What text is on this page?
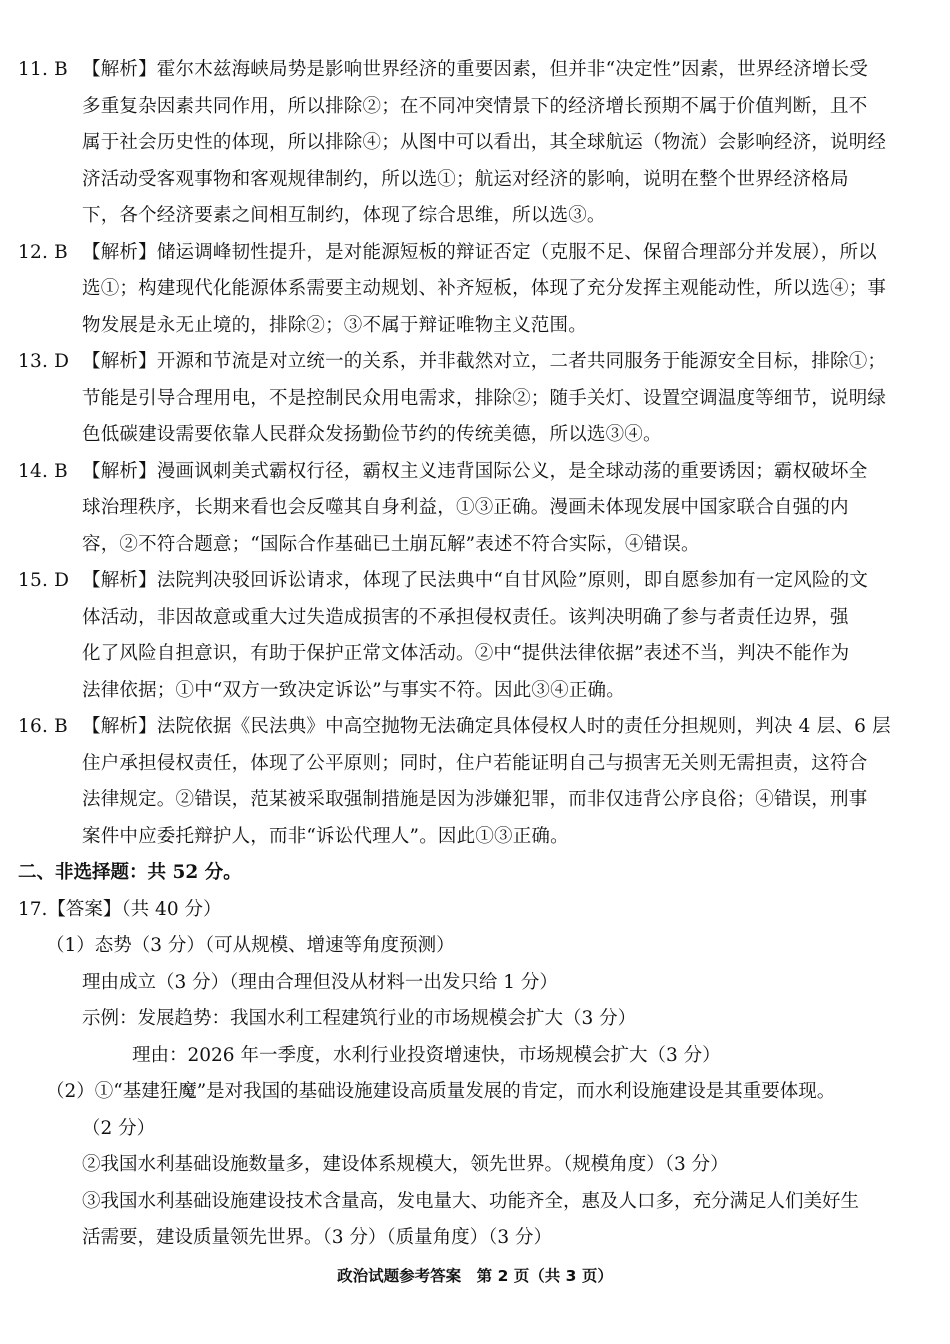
11. B 【解析】霍尔木兹海峡局势是影响世界经济的重要因素，但并非“决定性”因素，世界经济增长受
多重复杂因素共同作用，所以排除②；在不同冲突情景下的经济增长预期不属于价值判断，且不
属于社会历史性的体现，所以排除④；从图中可以看出，其全球航运（物流）会影响经济，说明经
济活动受客观事物和客观规律制约，所以选①；航运对经济的影响，说明在整个世界经济格局
下，各个经济要素之间相互制约，体现了综合思维，所以选③。
12. B 【解析】储运调峰韧性提升，是对能源短板的辩证否定（克服不足、保留合理部分并发展），所以
选①；构建现代化能源体系需要主动规划、补齐短板，体现了充分发挥主观能动性，所以选④；事
物发展是永无止境的，排除②；③不属于辩证唯物主义范围。
13. D 【解析】开源和节流是对立统一的关系，并非截然对立，二者共同服务于能源安全目标，排除①；
节能是引导合理用电，不是控制民众用电需求，排除②；随手关灯、设置空调温度等细节，说明绿
色低碳建设需要依靠人民群众发扬勤俭节约的传统美德，所以选③④。
14. B 【解析】漫画讽刺美式霸权行径，霸权主义违背国际公义，是全球动荡的重要诱因；霸权破坏全
球治理秩序，长期来看也会反噬其自身利益，①③正确。漫画未体现发展中国家联合自强的内
容，②不符合题意；“国际合作基础已土崩瓦解”表述不符合实际，④错误。
15. D 【解析】法院判决驳回诉讼请求，体现了民法典中“自甘风险”原则，即自愿参加有一定风险的文
体活动，非因故意或重大过失造成损害的不承担侵权责任。该判决明确了参与者责任边界，强
化了风险自担意识，有助于保护正常文体活动。②中“提供法律依据”表述不当，判决不能作为
法律依据；①中“双方一致决定诉讼”与事实不符。因此③④正确。
16. B 【解析】法院依据《民法典》中高空抛物无法确定具体侵权人时的责任分担规则，判决 4 层、6 层
住户承担侵权责任，体现了公平原则；同时，住户若能证明自己与损害无关则无需担责，这符合
法律规定。②错误，范某被采取强制措施是因为涉嫌犯罪，而非仅违背公序良俗；④错误，刑事
案件中应委托辩护人，而非“诉讼代理人”。因此①③正确。
二、非选择题：共 52 分。
17.【答案】（共 40 分）
（1）态势（3 分）（可从规模、增速等角度预测）
理由成立（3 分）（理由合理但没从材料一出发只给 1 分）
示例：发展趋势：我国水利工程建筑行业的市场规模会扩大（3 分）
理由：2026 年一季度，水利行业投资增速快，市场规模会扩大（3 分）
（2）①“基建狂魔”是对我国的基础设施建设高质量发展的肯定，而水利设施建设是其重要体现。
（2 分）
②我国水利基础设施数量多，建设体系规模大，领先世界。（规模角度）（3 分）
③我国水利基础设施建设技术含量高，发电量大、功能齐全，惠及人口多，充分满足人们美好生
活需要，建设质量领先世界。（3 分）（质量角度）（3 分）
政治试题参考答案　第 2 页（共 3 页）
